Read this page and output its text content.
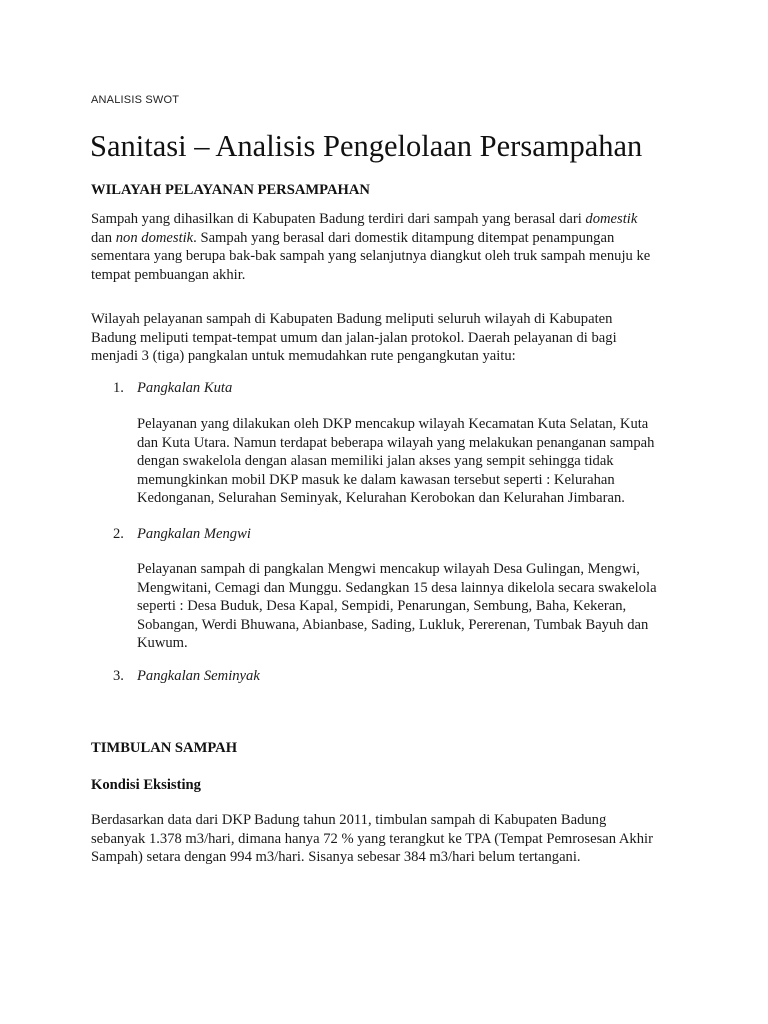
ANALISIS SWOT
Sanitasi – Analisis Pengelolaan Persampahan
WILAYAH PELAYANAN PERSAMPAHAN
Sampah yang dihasilkan di Kabupaten Badung terdiri dari sampah yang berasal dari domestik
dan non domestik. Sampah yang berasal dari domestik ditampung ditempat penampungan
sementara yang berupa bak-bak sampah yang selanjutnya diangkut oleh truk sampah menuju ke
tempat pembuangan akhir.
Wilayah pelayanan sampah di Kabupaten Badung meliputi seluruh wilayah di Kabupaten
Badung meliputi tempat-tempat umum dan jalan-jalan protokol. Daerah pelayanan di bagi
menjadi 3 (tiga) pangkalan untuk memudahkan rute pengangkutan yaitu:
1. Pangkalan Kuta
Pelayanan yang dilakukan oleh DKP mencakup wilayah Kecamatan Kuta Selatan, Kuta
dan Kuta Utara. Namun terdapat beberapa wilayah yang melakukan penanganan sampah
dengan swakelola dengan alasan memiliki jalan akses yang sempit sehingga tidak
memungkinkan mobil DKP masuk ke dalam kawasan tersebut seperti : Kelurahan
Kedonganan, Selurahan Seminyak, Kelurahan Kerobokan dan Kelurahan Jimbaran.
2. Pangkalan Mengwi
Pelayanan sampah di pangkalan Mengwi mencakup wilayah Desa Gulingan, Mengwi,
Mengwitani, Cemagi dan Munggu. Sedangkan 15 desa lainnya dikelola secara swakelola
seperti : Desa Buduk, Desa Kapal, Sempidi, Penarungan, Sembung, Baha, Kekeran,
Sobangan, Werdi Bhuwana, Abianbase, Sading, Lukluk, Pererenan, Tumbak Bayuh dan
Kuwum.
3. Pangkalan Seminyak
TIMBULAN SAMPAH
Kondisi Eksisting
Berdasarkan data dari DKP Badung tahun 2011, timbulan sampah di Kabupaten Badung
sebanyak 1.378 m3/hari, dimana hanya 72 % yang terangkut ke TPA (Tempat Pemrosesan Akhir
Sampah) setara dengan 994 m3/hari. Sisanya sebesar 384 m3/hari belum tertangani.
